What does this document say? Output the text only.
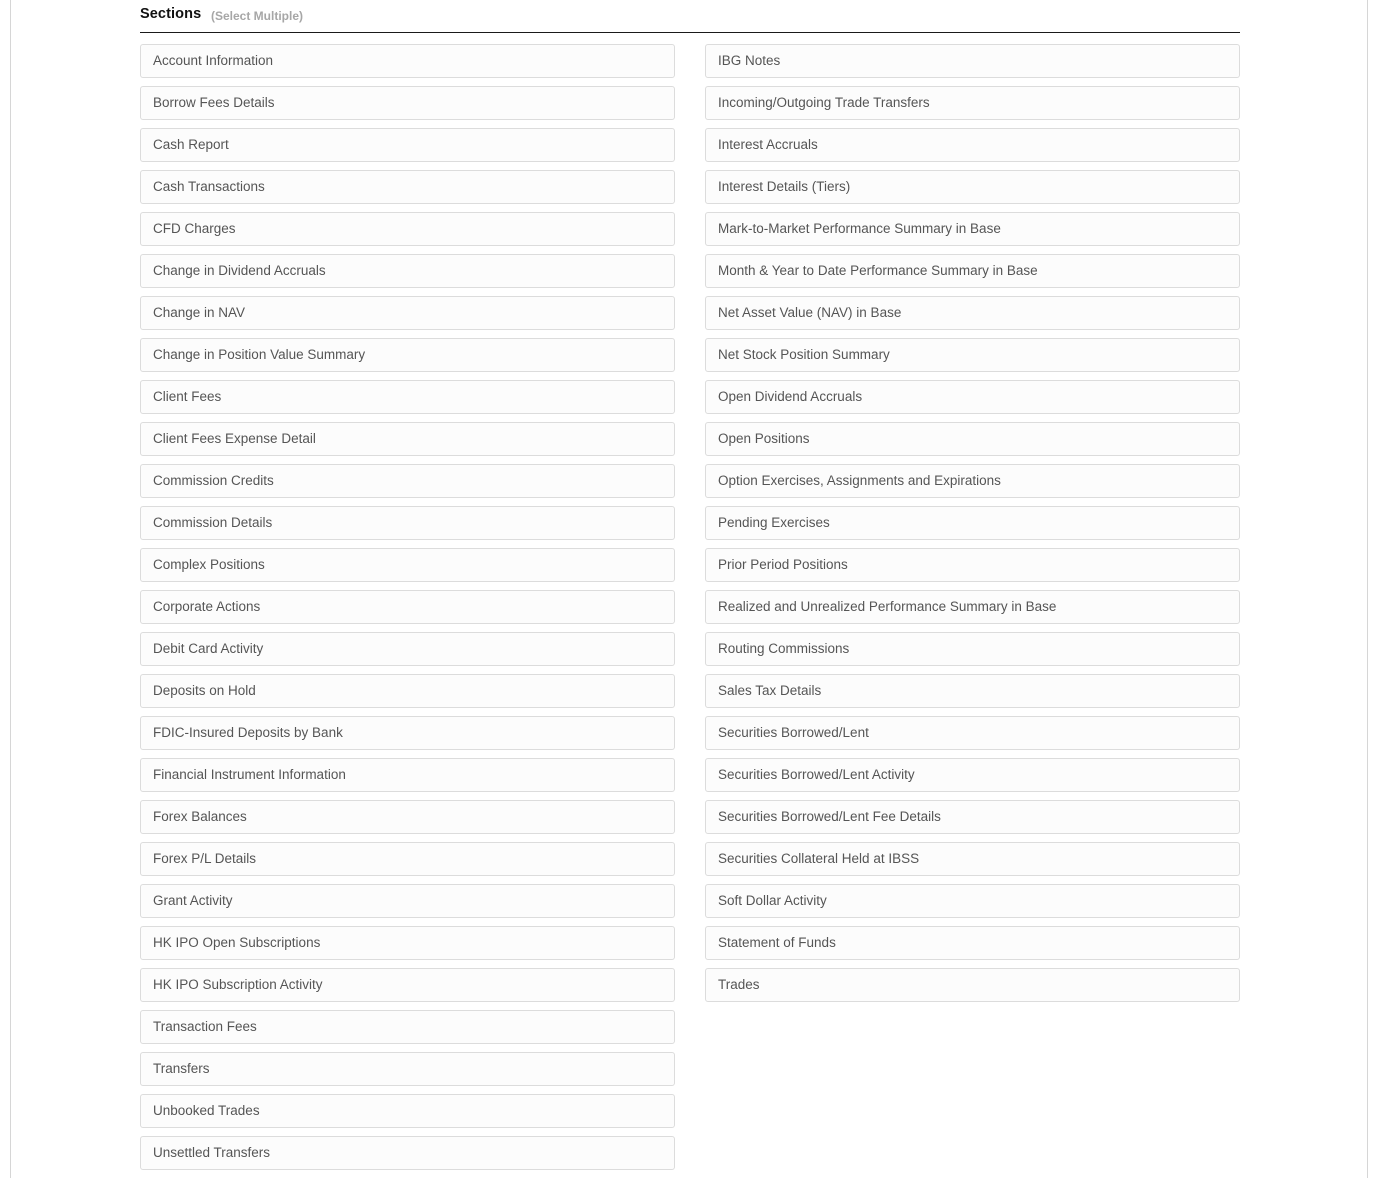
Sections (Select Multiple)
Account Information
Borrow Fees Details
Cash Report
Cash Transactions
CFD Charges
Change in Dividend Accruals
Change in NAV
Change in Position Value Summary
Client Fees
Client Fees Expense Detail
Commission Credits
Commission Details
Complex Positions
Corporate Actions
Debit Card Activity
Deposits on Hold
FDIC-Insured Deposits by Bank
Financial Instrument Information
Forex Balances
Forex P/L Details
Grant Activity
HK IPO Open Subscriptions
HK IPO Subscription Activity
Transaction Fees
Transfers
Unbooked Trades
Unsettled Transfers
IBG Notes
Incoming/Outgoing Trade Transfers
Interest Accruals
Interest Details (Tiers)
Mark-to-Market Performance Summary in Base
Month & Year to Date Performance Summary in Base
Net Asset Value (NAV) in Base
Net Stock Position Summary
Open Dividend Accruals
Open Positions
Option Exercises, Assignments and Expirations
Pending Exercises
Prior Period Positions
Realized and Unrealized Performance Summary in Base
Routing Commissions
Sales Tax Details
Securities Borrowed/Lent
Securities Borrowed/Lent Activity
Securities Borrowed/Lent Fee Details
Securities Collateral Held at IBSS
Soft Dollar Activity
Statement of Funds
Trades
